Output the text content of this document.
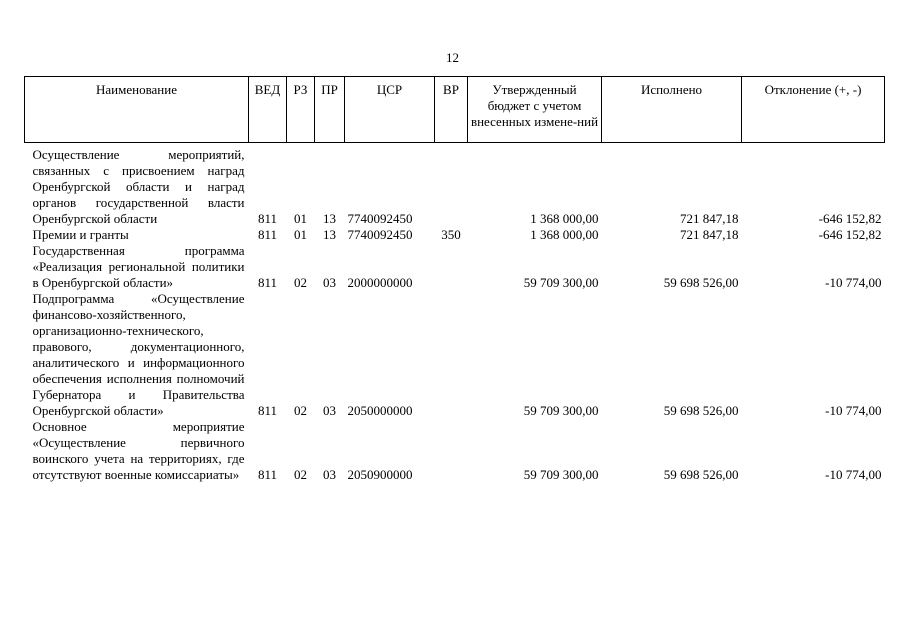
12
Наименование	ВЕД	РЗ	ПР	ЦСР	ВР	Утвержденный бюджет с учетом внесенных измене-ний	Исполнено	Отклонение (+, -)

Осуществление мероприятий, связанных с присвоением наград Оренбургской области и наград органов государственной власти Оренбургской области	811	01	13	7740092450		1 368 000,00	721 847,18	-646 152,82
Премии и гранты	811	01	13	7740092450	350	1 368 000,00	721 847,18	-646 152,82
Государственная программа «Реализация региональной политики в Оренбургской области»	811	02	03	2000000000		59 709 300,00	59 698 526,00	-10 774,00
Подпрограмма «Осуществление финансово-хозяйственного, организационно-технического, правового, документационного, аналитического и информационного обеспечения исполнения полномочий Губернатора и Правительства Оренбургской области»	811	02	03	2050000000		59 709 300,00	59 698 526,00	-10 774,00
Основное мероприятие «Осуществление первичного воинского учета на территориях, где отсутствуют военные комиссариаты»	811	02	03	2050900000		59 709 300,00	59 698 526,00	-10 774,00
